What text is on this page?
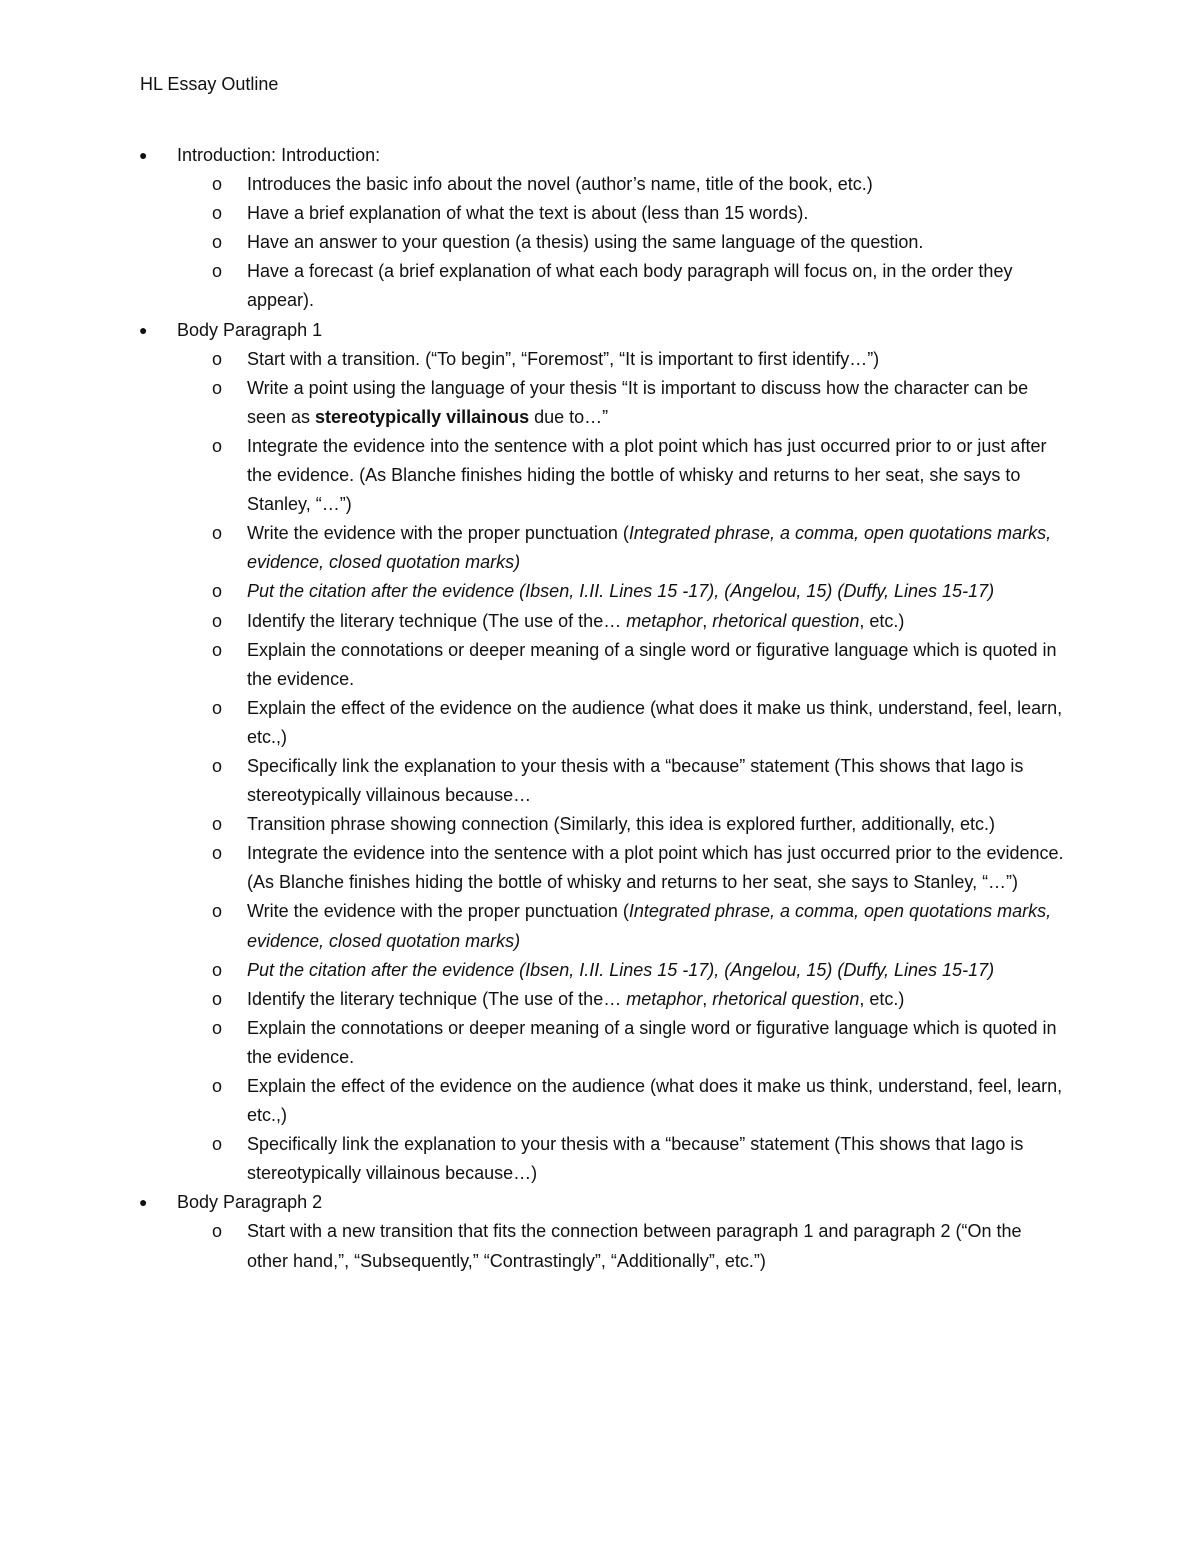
HL Essay Outline
● Introduction: Introduction:
o Introduces the basic info about the novel (author’s name, title of the book, etc.)
o Have a brief explanation of what the text is about (less than 15 words).
o Have an answer to your question (a thesis) using the same language of the question.
o Have a forecast (a brief explanation of what each body paragraph will focus on, in the order they appear).
● Body Paragraph 1
o Start with a transition. (“To begin”, “Foremost”, “It is important to first identify…”)
o Write a point using the language of your thesis “It is important to discuss how the character can be seen as stereotypically villainous due to…”
o Integrate the evidence into the sentence with a plot point which has just occurred prior to or just after the evidence. (As Blanche finishes hiding the bottle of whisky and returns to her seat, she says to Stanley, “…”)
o Write the evidence with the proper punctuation (Integrated phrase, a comma, open quotations marks, evidence, closed quotation marks)
o Put the citation after the evidence (Ibsen, I.II. Lines 15 -17), (Angelou, 15) (Duffy, Lines 15-17)
o Identify the literary technique (The use of the… metaphor, rhetorical question, etc.)
o Explain the connotations or deeper meaning of a single word or figurative language which is quoted in the evidence.
o Explain the effect of the evidence on the audience (what does it make us think, understand, feel, learn, etc.,)
o Specifically link the explanation to your thesis with a “because” statement (This shows that Iago is stereotypically villainous because…
o Transition phrase showing connection (Similarly, this idea is explored further, additionally, etc.)
o Integrate the evidence into the sentence with a plot point which has just occurred prior to the evidence. (As Blanche finishes hiding the bottle of whisky and returns to her seat, she says to Stanley, “…”)
o Write the evidence with the proper punctuation (Integrated phrase, a comma, open quotations marks, evidence, closed quotation marks)
o Put the citation after the evidence (Ibsen, I.II. Lines 15 -17), (Angelou, 15) (Duffy, Lines 15-17)
o Identify the literary technique (The use of the… metaphor, rhetorical question, etc.)
o Explain the connotations or deeper meaning of a single word or figurative language which is quoted in the evidence.
o Explain the effect of the evidence on the audience (what does it make us think, understand, feel, learn, etc.,)
o Specifically link the explanation to your thesis with a “because” statement (This shows that Iago is stereotypically villainous because…)
● Body Paragraph 2
o Start with a new transition that fits the connection between paragraph 1 and paragraph 2 (“On the other hand,”, “Subsequently,” “Contrastingly”, “Additionally”, etc.”)
